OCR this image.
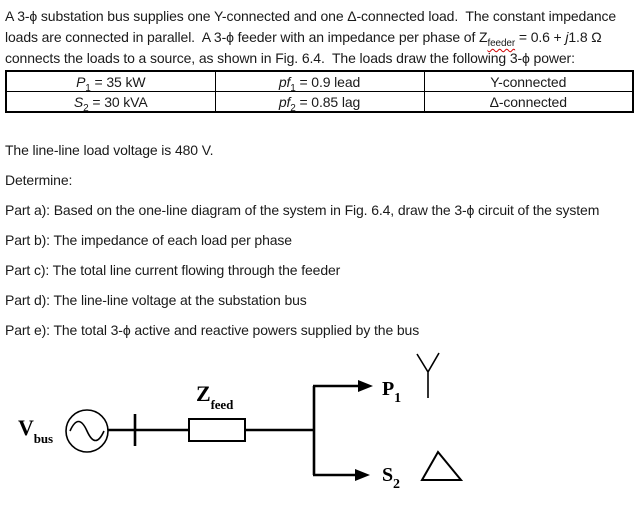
A 3-ϕ substation bus supplies one Y-connected and one Δ-connected load.  The constant impedance
loads are connected in parallel.  A 3-ϕ feeder with an impedance per phase of $Z_{feeder} = 0.6 + j1.8$ Ω
connects the loads to a source, as shown in Fig. 6.4.  The loads draw the following 3-ϕ power:
$P_1 = 35$ kW	$pf_1 = 0.9$ lead	Y-connected
$S_2 = 30$ kVA	$pf_2 = 0.85$ lag	Δ-connected

The line-line load voltage is 480 V.

Determine:

Part a): Based on the one-line diagram of the system in Fig. 6.4, draw the 3-ϕ circuit of the system

Part b): The impedance of each load per phase

Part c): The total line current flowing through the feeder

Part d): The line-line voltage at the substation bus

Part e): The total 3-ϕ active and reactive powers supplied by the bus

$V_{bus}$
$Z_{feed}$
$P_1$
$S_2$
